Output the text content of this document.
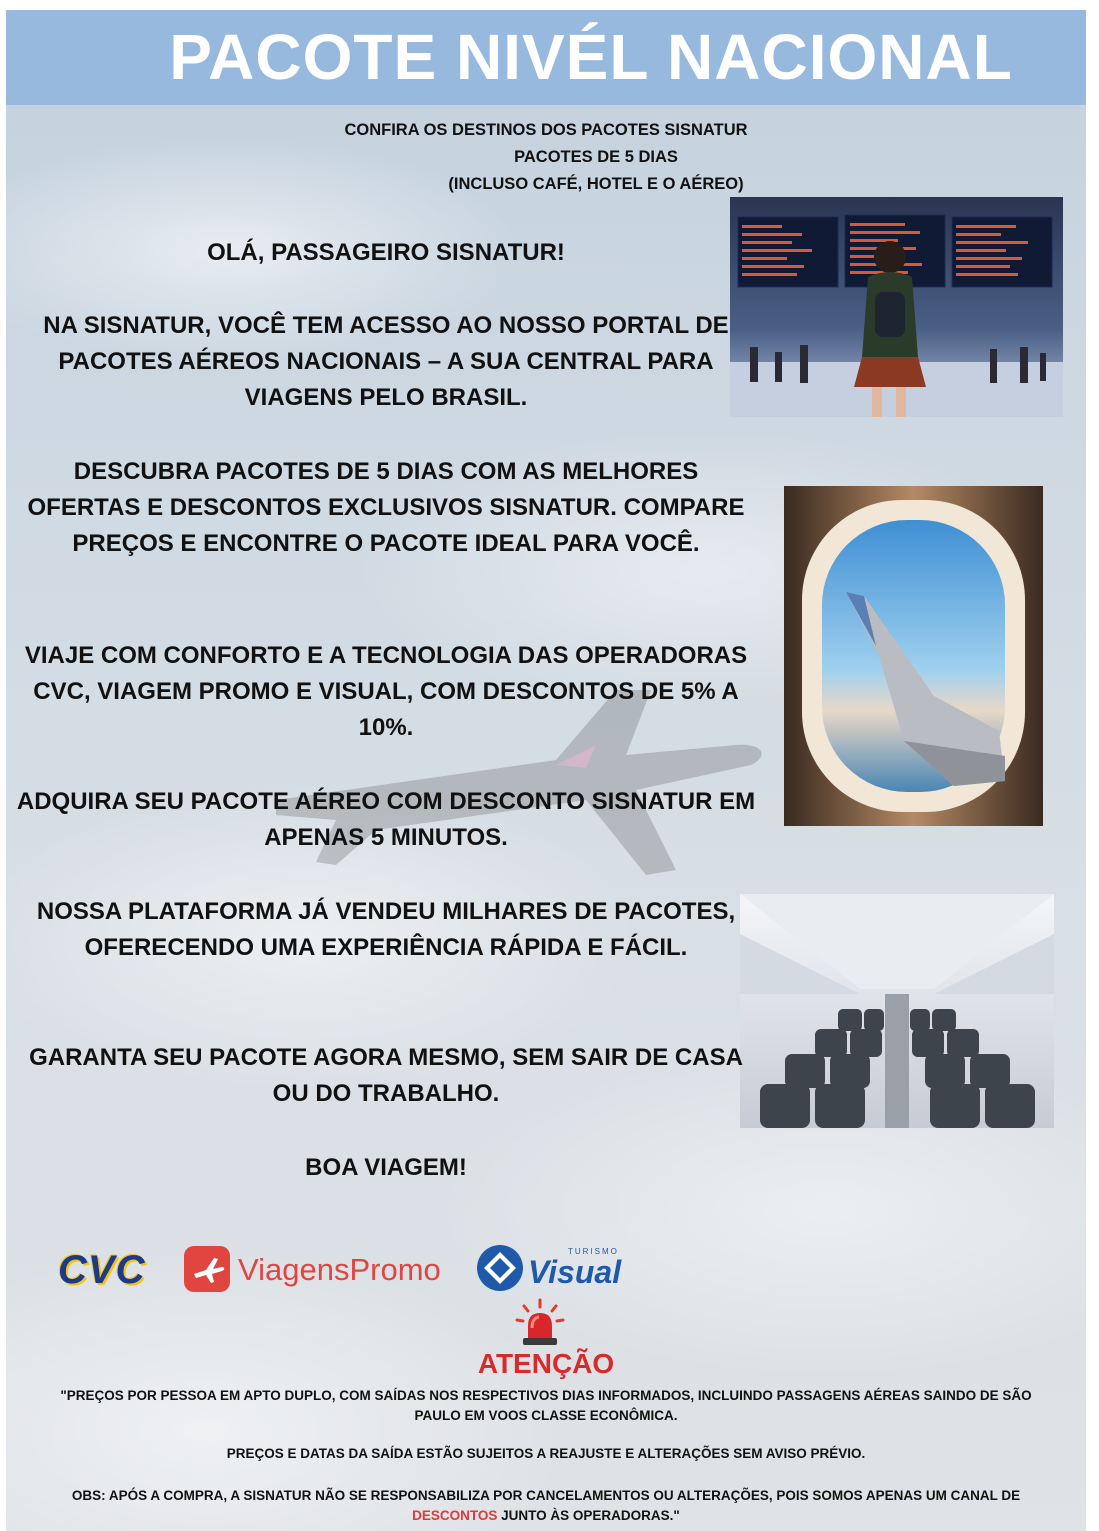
PACOTE NIVÉL NACIONAL
CONFIRA OS DESTINOS DOS PACOTES SISNATUR
PACOTES DE 5 DIAS
(INCLUSO CAFÉ, HOTEL E O AÉREO)
OLÁ, PASSAGEIRO SISNATUR!
NA SISNATUR, VOCÊ TEM ACESSO AO NOSSO PORTAL DE PACOTES AÉREOS NACIONAIS – A SUA CENTRAL PARA VIAGENS PELO BRASIL.
DESCUBRA PACOTES DE 5 DIAS COM AS MELHORES OFERTAS E DESCONTOS EXCLUSIVOS SISNATUR. COMPARE PREÇOS E ENCONTRE O PACOTE IDEAL PARA VOCÊ.
VIAJE COM CONFORTO E A TECNOLOGIA DAS OPERADORAS CVC, VIAGEM PROMO E VISUAL, COM DESCONTOS DE 5% A 10%.
ADQUIRA SEU PACOTE AÉREO COM DESCONTO SISNATUR EM APENAS 5 MINUTOS.
NOSSA PLATAFORMA JÁ VENDEU MILHARES DE PACOTES, OFERECENDO UMA EXPERIÊNCIA RÁPIDA E FÁCIL.
GARANTA SEU PACOTE AGORA MESMO, SEM SAIR DE CASA OU DO TRABALHO.
BOA VIAGEM!
CVC	ViagensPromo
TURISMO
Visual
ATENÇÃO
"PREÇOS POR PESSOA EM APTO DUPLO, COM SAÍDAS NOS RESPECTIVOS DIAS INFORMADOS, INCLUINDO PASSAGENS AÉREAS SAINDO DE SÃO PAULO EM VOOS CLASSE ECONÔMICA.
PREÇOS E DATAS DA SAÍDA ESTÃO SUJEITOS A REAJUSTE E ALTERAÇÕES SEM AVISO PRÉVIO.
OBS: APÓS A COMPRA, A SISNATUR NÃO SE RESPONSABILIZA POR CANCELAMENTOS OU ALTERAÇÕES, POIS SOMOS APENAS UM CANAL DE DESCONTOS JUNTO ÀS OPERADORAS."
